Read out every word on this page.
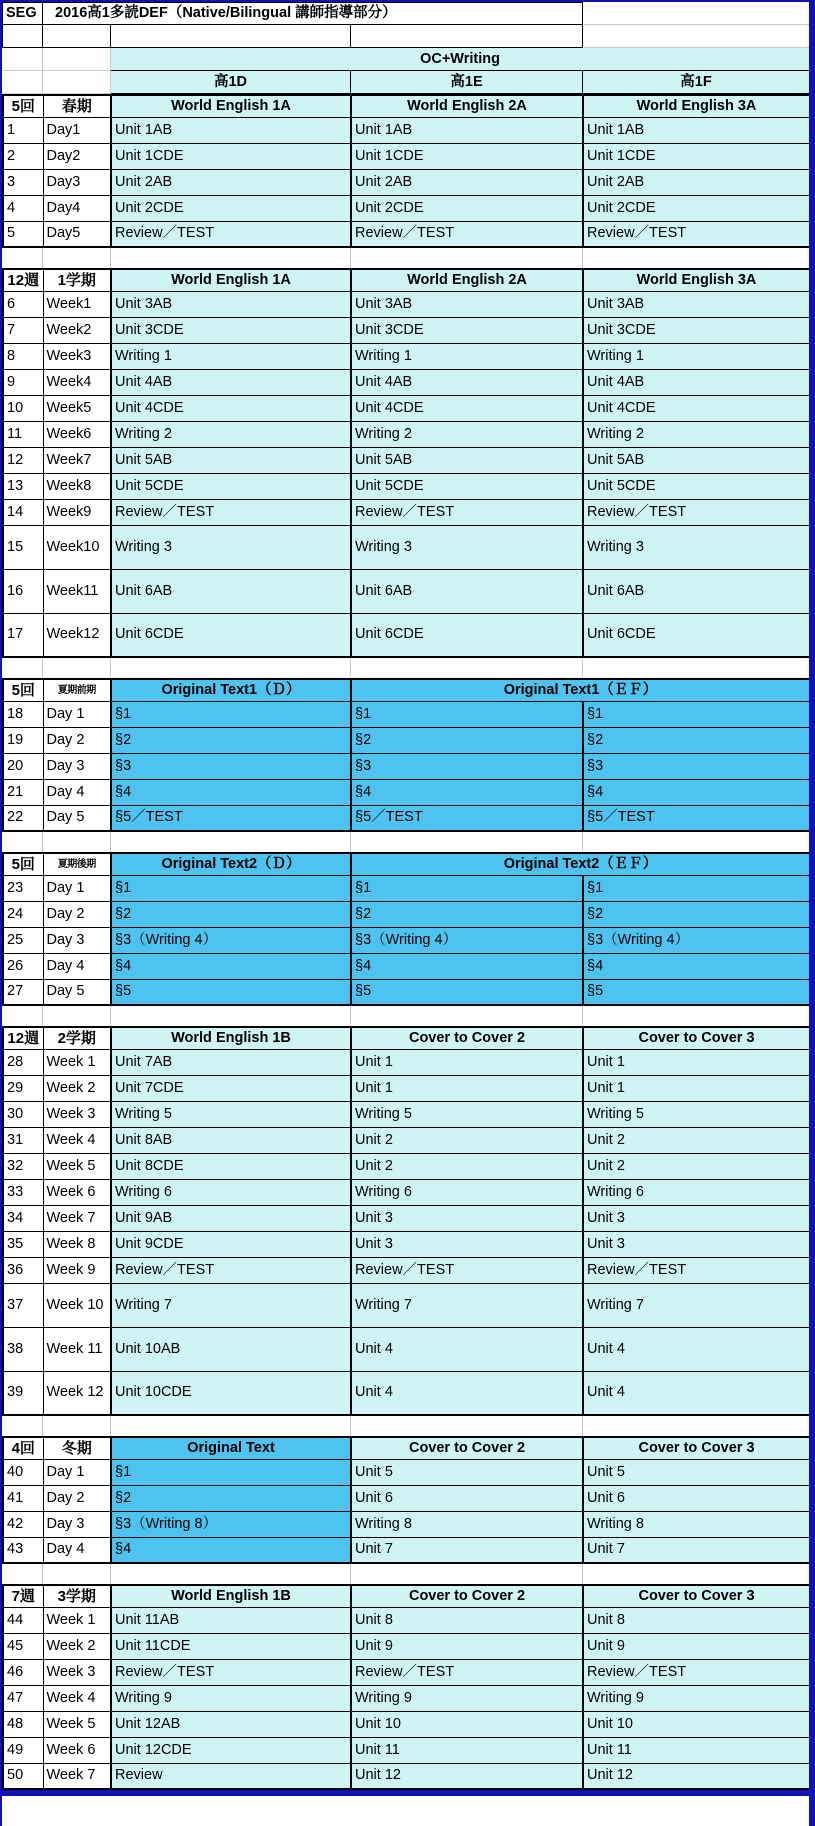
SEG	2016高1多読DEF（Native/Bilingual 講師指導部分）			

		OC+Writing		
		高1D	高1E	高1F
5回	春期	World English 1A	World English 2A	World English 3A
1	Day1	Unit 1AB	Unit 1AB	Unit 1AB
2	Day2	Unit 1CDE	Unit 1CDE	Unit 1CDE
3	Day3	Unit 2AB	Unit 2AB	Unit 2AB
4	Day4	Unit 2CDE	Unit 2CDE	Unit 2CDE
5	Day5	Review／TEST	Review／TEST	Review／TEST

12週	1学期	World English 1A	World English 2A	World English 3A
6	Week1	Unit 3AB	Unit 3AB	Unit 3AB
7	Week2	Unit 3CDE	Unit 3CDE	Unit 3CDE
8	Week3	Writing 1	Writing 1	Writing 1
9	Week4	Unit 4AB	Unit 4AB	Unit 4AB
10	Week5	Unit 4CDE	Unit 4CDE	Unit 4CDE
11	Week6	Writing 2	Writing 2	Writing 2
12	Week7	Unit 5AB	Unit 5AB	Unit 5AB
13	Week8	Unit 5CDE	Unit 5CDE	Unit 5CDE
14	Week9	Review／TEST	Review／TEST	Review／TEST
15	Week10	Writing 3	Writing 3	Writing 3
16	Week11	Unit 6AB	Unit 6AB	Unit 6AB
17	Week12	Unit 6CDE	Unit 6CDE	Unit 6CDE

5回	夏期前期	Original Text1（Ｄ）	Original Text1（ＥＦ）	
18	Day 1	§1	§1	§1
19	Day 2	§2	§2	§2
20	Day 3	§3	§3	§3
21	Day 4	§4	§4	§4
22	Day 5	§5／TEST	§5／TEST	§5／TEST

5回	夏期後期	Original Text2（Ｄ）	Original Text2（ＥＦ）	
23	Day 1	§1	§1	§1
24	Day 2	§2	§2	§2
25	Day 3	§3（Writing 4）	§3（Writing 4）	§3（Writing 4）
26	Day 4	§4	§4	§4
27	Day 5	§5	§5	§5

12週	2学期	World English 1B	Cover to Cover 2	Cover to Cover 3
28	Week 1	Unit 7AB	Unit 1	Unit 1
29	Week 2	Unit 7CDE	Unit 1	Unit 1
30	Week 3	Writing 5	Writing 5	Writing 5
31	Week 4	Unit 8AB	Unit 2	Unit 2
32	Week 5	Unit 8CDE	Unit 2	Unit 2
33	Week 6	Writing 6	Writing 6	Writing 6
34	Week 7	Unit 9AB	Unit 3	Unit 3
35	Week 8	Unit 9CDE	Unit 3	Unit 3
36	Week 9	Review／TEST	Review／TEST	Review／TEST
37	Week 10	Writing 7	Writing 7	Writing 7
38	Week 11	Unit 10AB	Unit 4	Unit 4
39	Week 12	Unit 10CDE	Unit 4	Unit 4

4回	冬期	Original Text	Cover to Cover 2	Cover to Cover 3
40	Day 1	§1	Unit 5	Unit 5
41	Day 2	§2	Unit 6	Unit 6
42	Day 3	§3（Writing 8）	Writing 8	Writing 8
43	Day 4	§4	Unit 7	Unit 7

7週	3学期	World English 1B	Cover to Cover 2	Cover to Cover 3
44	Week 1	Unit 11AB	Unit 8	Unit 8
45	Week 2	Unit 11CDE	Unit 9	Unit 9
46	Week 3	Review／TEST	Review／TEST	Review／TEST
47	Week 4	Writing 9	Writing 9	Writing 9
48	Week 5	Unit 12AB	Unit 10	Unit 10
49	Week 6	Unit 12CDE	Unit 11	Unit 11
50	Week 7	Review	Unit 12	Unit 12
